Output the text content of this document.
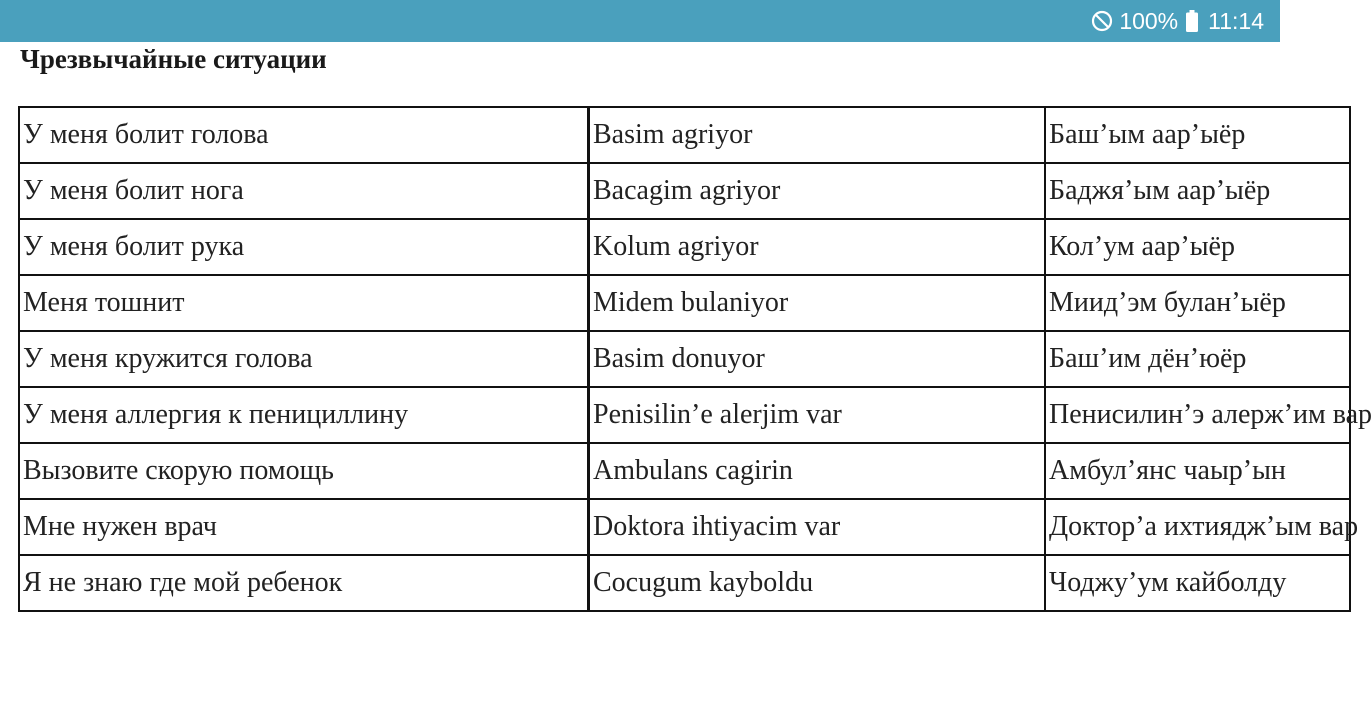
100% 11:14
Чрезвычайные ситуации
У меня болит голова	Basim agriyor	Баш’ым аар’ыёр
У меня болит нога	Bacagim agriyor	Баджя’ым аар’ыёр
У меня болит рука	Kolum agriyor	Кол’ум аар’ыёр
Меня тошнит	Midem bulaniyor	Миид’эм булан’ыёр
У меня кружится голова	Basim donuyor	Баш’им дён’юёр
У меня аллергия к пенициллину	Penisilin’e alerjim var	Пенисилин’э алерж’им вар
Вызовите скорую помощь	Ambulans cagirin	Амбул’янс чаыр’ын
Мне нужен врач	Doktora ihtiyacim var	Доктор’а ихтиядж’ым вар
Я не знаю где мой ребенок	Cocugum kayboldu	Чоджу’ум кайболду
